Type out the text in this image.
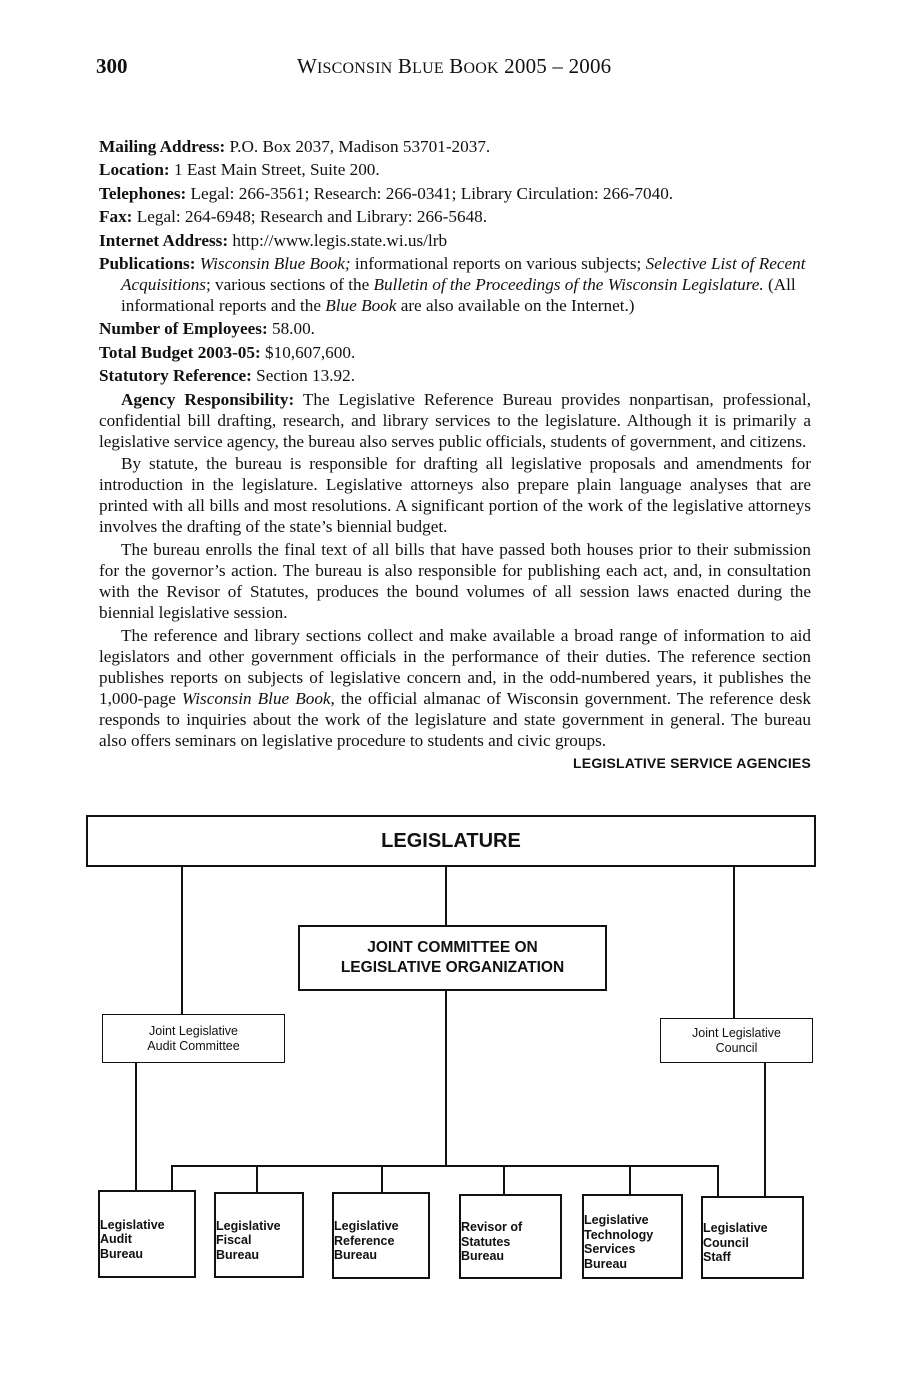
300	WISCONSIN BLUE BOOK 2005 – 2006

Mailing Address: P.O. Box 2037, Madison 53701-2037.

Location: 1 East Main Street, Suite 200.

Telephones: Legal: 266-3561; Research: 266-0341; Library Circulation: 266-7040.

Fax: Legal: 264-6948; Research and Library: 266-5648.

Internet Address: http://www.legis.state.wi.us/lrb

Publications: Wisconsin Blue Book; informational reports on various subjects; Selective List of Recent Acquisitions; various sections of the Bulletin of the Proceedings of the Wisconsin Legislature. (All informational reports and the Blue Book are also available on the Internet.)

Number of Employees: 58.00.

Total Budget 2003-05: $10,607,600.

Statutory Reference: Section 13.92.

Agency Responsibility: The Legislative Reference Bureau provides nonpartisan, professional, confidential bill drafting, research, and library services to the legislature. Although it is primarily a legislative service agency, the bureau also serves public officials, students of government, and citizens.

By statute, the bureau is responsible for drafting all legislative proposals and amendments for introduction in the legislature. Legislative attorneys also prepare plain language analyses that are printed with all bills and most resolutions. A significant portion of the work of the legislative attorneys involves the drafting of the state’s biennial budget.

The bureau enrolls the final text of all bills that have passed both houses prior to their submission for the governor’s action. The bureau is also responsible for publishing each act, and, in consultation with the Revisor of Statutes, produces the bound volumes of all session laws enacted during the biennial legislative session.

The reference and library sections collect and make available a broad range of information to aid legislators and other government officials in the performance of their duties. The reference section publishes reports on subjects of legislative concern and, in the odd-numbered years, it publishes the 1,000-page Wisconsin Blue Book, the official almanac of Wisconsin government. The reference desk responds to inquiries about the work of the legislature and state government in general. The bureau also offers seminars on legislative procedure to students and civic groups.

LEGISLATIVE SERVICE AGENCIES
LEGISLATURE
JOINT COMMITTEE ON
LEGISLATIVE ORGANIZATION
Joint Legislative
Audit Committee
Joint Legislative
Council
Legislative
Audit
Bureau
Legislative
Fiscal
Bureau
Legislative
Reference
Bureau
Revisor of
Statutes
Bureau
Legislative
Technology
Services
Bureau
Legislative
Council
Staff
